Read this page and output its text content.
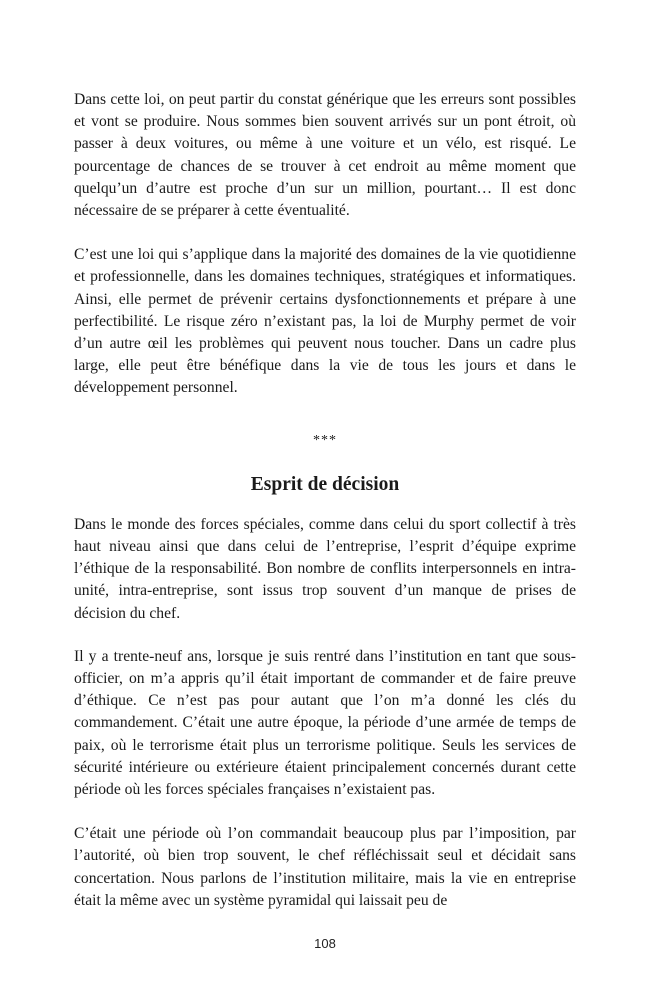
Dans cette loi, on peut partir du constat générique que les erreurs sont possibles et vont se produire. Nous sommes bien souvent arrivés sur un pont étroit, où passer à deux voitures, ou même à une voiture et un vélo, est risqué. Le pourcentage de chances de se trouver à cet endroit au même moment que quelqu’un d’autre est proche d’un sur un million, pourtant… Il est donc nécessaire de se préparer à cette éventualité.

C’est une loi qui s’applique dans la majorité des domaines de la vie quotidienne et professionnelle, dans les domaines techniques, stratégiques et informatiques. Ainsi, elle permet de prévenir certains dysfonctionnements et prépare à une perfectibilité. Le risque zéro n’existant pas, la loi de Murphy permet de voir d’un autre œil les problèmes qui peuvent nous toucher. Dans un cadre plus large, elle peut être bénéfique dans la vie de tous les jours et dans le développement personnel.

***

Esprit de décision

Dans le monde des forces spéciales, comme dans celui du sport collectif à très haut niveau ainsi que dans celui de l’entreprise, l’esprit d’équipe exprime l’éthique de la responsabilité. Bon nombre de conflits interpersonnels en intra-unité, intra-entreprise, sont issus trop souvent d’un manque de prises de décision du chef.

Il y a trente-neuf ans, lorsque je suis rentré dans l’institution en tant que sous-officier, on m’a appris qu’il était important de commander et de faire preuve d’éthique. Ce n’est pas pour autant que l’on m’a donné les clés du commandement. C’était une autre époque, la période d’une armée de temps de paix, où le terrorisme était plus un terrorisme politique. Seuls les services de sécurité intérieure ou extérieure étaient principalement concernés durant cette période où les forces spéciales françaises n’existaient pas.

C’était une période où l’on commandait beaucoup plus par l’imposition, par l’autorité, où bien trop souvent, le chef réfléchissait seul et décidait sans concertation. Nous parlons de l’institution militaire, mais la vie en entreprise était la même avec un système pyramidal qui laissait peu de

108
